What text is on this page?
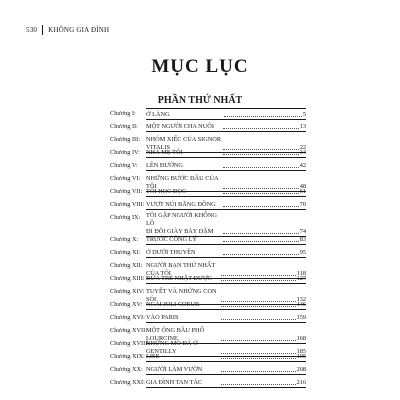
530 KHÔNG GIA ĐÌNH
MỤC LỤC
PHẦN THỨ NHẤT
Chương I:	Ở LÀNG	5
Chương II:	MỘT NGƯỜI CHA NUÔI	13
Chương III: NHÓM XIẾC CỦA SIGNOR VITALIS	22
Chương IV: NHÀ MẸ TÔI	34
Chương V:	LÊN ĐƯỜNG	42
Chương VI: NHỮNG BƯỚC ĐẦU CỦA TÔI	48
Chương VII: TÔI HỌC ĐỌC	61
Chương VIII: VƯỢT NÚI BĂNG ĐỒNG	70
Chương IX: TÔI GẶP NGƯỜI KHỔNG LỒ
ĐI ĐÔI GIÀY BẢY DẶM	74
Chương X:	TRƯỚC CÔNG LÝ	83
Chương XI: Ở DƯỚI THUYỀN	95
Chương XII: NGƯỜI BẠN THỨ NHẤT CỦA TÔI	118
Chương XIII: ĐỨA TRẺ NHẶT ĐƯỢC	127
Chương XIV: TUYẾT VÀ NHỮNG CON SÓI	132
Chương XV: NGÀI JOLI COEUR	146
Chương XVI: VÀO PARIS	159
Chương XVII:
MỘT ÔNG BẦU PHỐ LOURCINE	168
Chương XVIII:
NHỮNG MỎ ĐÁ Ở GENTILLY	185
Chương XIX: LISE	195
Chương XX: NGƯỜI LÀM VƯỜN	208
Chương XXI: GIA ĐÌNH TAN TÁC	216
